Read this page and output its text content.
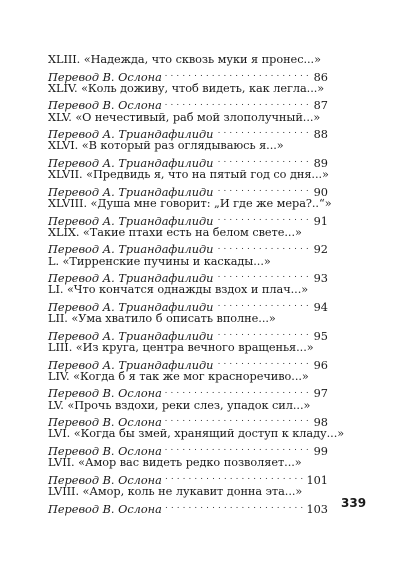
XLIII. «Надежда, что сквозь муки я пронес...»
Перевод В. Ослона . . .	86
XLIV. «Коль доживу, чтоб видеть, как легла...»
Перевод В. Ослона . . .	87
XLV. «О нечестивый, раб мой злополучный...»
Перевод А. Триандафилиди . . .	88
XLVI. «В который раз оглядываюсь я...»
Перевод А. Триандафилиди . . .	89
XLVII. «Предвидь я, что на пятый год со дня...»
Перевод А. Триандафилиди . . .	90
XLVIII. «Душа мне говорит: „И где же мера?..“»
Перевод А. Триандафилиди . . .	91
XLIX. «Такие птахи есть на белом свете...»
Перевод А. Триандафилиди . . .	92
L. «Тирренские пучины и каскады...»
Перевод А. Триандафилиди . . .	93
LI. «Что кончатся однажды вздох и плач...»
Перевод А. Триандафилиди . . .	94
LII. «Ума хватило б описать вполне...»
Перевод А. Триандафилиди . . .	95
LIII. «Из круга, центра вечного вращенья...»
Перевод А. Триандафилиди . . .	96
LIV. «Когда б я так же мог красноречиво...»
Перевод В. Ослона . . .	97
LV. «Прочь вздохи, реки слез, упадок сил...»
Перевод В. Ослона . . .	98
LVI. «Когда бы змей, хранящий доступ к кладу...»
Перевод В. Ослона . . .	99
LVII. «Амор вас видеть редко позволяет...»
Перевод В. Ослона . . .	101
LVIII. «Амор, коль не лукавит донна эта...»
Перевод В. Ослона . . .	103 339
